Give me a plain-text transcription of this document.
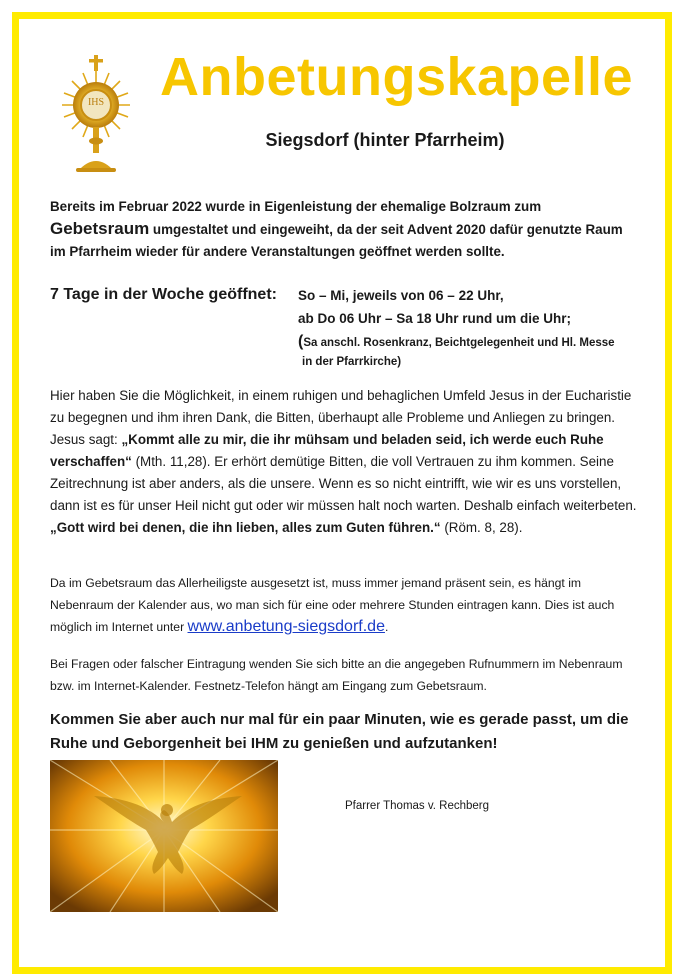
IHS	Anbetungskapelle
Siegsdorf (hinter Pfarrheim)

Bereits im Februar 2022 wurde in Eigenleistung der ehemalige Bolzraum zum
Gebetsraum umgestaltet und eingeweiht, da der seit Advent 2020 dafür genutzte Raum im Pfarrheim wieder für andere Veranstaltungen geöffnet werden sollte.

7 Tage in der Woche geöffnet: So – Mi, jeweils von 06 – 22 Uhr,
ab Do 06 Uhr – Sa 18 Uhr rund um die Uhr;
(Sa anschl. Rosenkranz, Beichtgelegenheit und Hl. Messe
in der Pfarrkirche)

Hier haben Sie die Möglichkeit, in einem ruhigen und behaglichen Umfeld Jesus in der Eucharistie zu begegnen und ihm ihren Dank, die Bitten, überhaupt alle Probleme und Anliegen zu bringen. Jesus sagt: „Kommt alle zu mir, die ihr mühsam und beladen seid, ich werde euch Ruhe verschaffen“ (Mth. 11,28). Er erhört demütige Bitten, die voll Vertrauen zu ihm kommen. Seine Zeitrechnung ist aber anders, als die unsere. Wenn es so nicht eintrifft, wie wir es uns vorstellen, dann ist es für unser Heil nicht gut oder wir müssen halt noch warten. Deshalb einfach weiterbeten. „Gott wird bei denen, die ihn lieben, alles zum Guten führen.“ (Röm. 8, 28).

Da im Gebetsraum das Allerheiligste ausgesetzt ist, muss immer jemand präsent sein, es hängt im Nebenraum der Kalender aus, wo man sich für eine oder mehrere Stunden eintragen kann. Dies ist auch möglich im Internet unter www.anbetung-siegsdorf.de.

Bei Fragen oder falscher Eintragung wenden Sie sich bitte an die angegeben Rufnummern im Nebenraum bzw. im Internet-Kalender. Festnetz-Telefon hängt am Eingang zum Gebetsraum.

Kommen Sie aber auch nur mal für ein paar Minuten, wie es gerade passt, um die Ruhe und Geborgenheit bei IHM zu genießen und aufzutanken!

Pfarrer Thomas v. Rechberg
